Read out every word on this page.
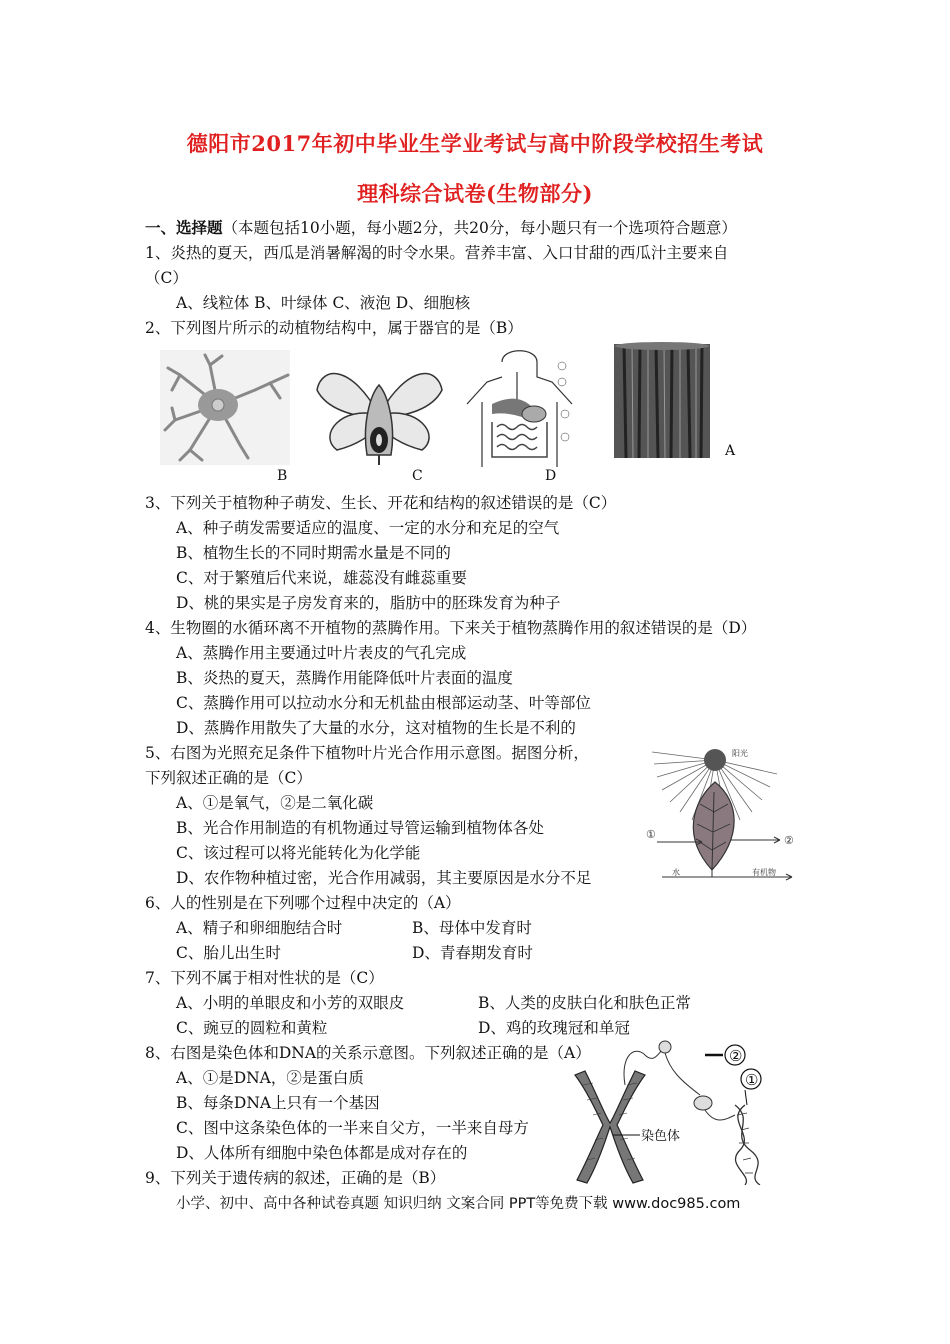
德阳市2017年初中毕业生学业考试与高中阶段学校招生考试
理科综合试卷(生物部分)
一、选择题（本题包括10小题，每小题2分，共20分，每小题只有一个选项符合题意）
1、炎热的夏天，西瓜是消暑解渴的时令水果。营养丰富、入口甘甜的西瓜汁主要来自
（C）
A、线粒体 B、叶绿体 C、液泡 D、细胞核
2、下列图片所示的动植物结构中，属于器官的是（B）
B	C	D
A
3、下列关于植物种子萌发、生长、开花和结构的叙述错误的是（C）
A、种子萌发需要适应的温度、一定的水分和充足的空气
B、植物生长的不同时期需水量是不同的
C、对于繁殖后代来说，雄蕊没有雌蕊重要
D、桃的果实是子房发育来的，脂肪中的胚珠发育为种子
4、生物圈的水循环离不开植物的蒸腾作用。下来关于植物蒸腾作用的叙述错误的是（D）
A、蒸腾作用主要通过叶片表皮的气孔完成
B、炎热的夏天，蒸腾作用能降低叶片表面的温度
C、蒸腾作用可以拉动水分和无机盐由根部运动茎、叶等部位
D、蒸腾作用散失了大量的水分，这对植物的生长是不利的
5、右图为光照充足条件下植物叶片光合作用示意图。据图分析，
下列叙述正确的是（C）
A、①是氧气，②是二氧化碳
B、光合作用制造的有机物通过导管运输到植物体各处
C、该过程可以将光能转化为化学能
D、农作物种植过密，光合作用减弱，其主要原因是水分不足
阳光
①	②
水	有机物
6、人的性别是在下列哪个过程中决定的（A）
A、精子和卵细胞结合时	B、母体中发育时
C、胎儿出生时	D、青春期发育时
7、下列不属于相对性状的是（C）
A、小明的单眼皮和小芳的双眼皮	B、人类的皮肤白化和肤色正常
C、豌豆的圆粒和黄粒	D、鸡的玫瑰冠和单冠
8、右图是染色体和DNA的关系示意图。下列叙述正确的是（A）
A、①是DNA，②是蛋白质
B、每条DNA上只有一个基因
C、图中这条染色体的一半来自父方，一半来自母方
D、人体所有细胞中染色体都是成对存在的
②
①
染色体
9、下列关于遗传病的叙述，正确的是（B）
小学、初中、高中各种试卷真题 知识归纳 文案合同 PPT等免费下载 www.doc985.com
